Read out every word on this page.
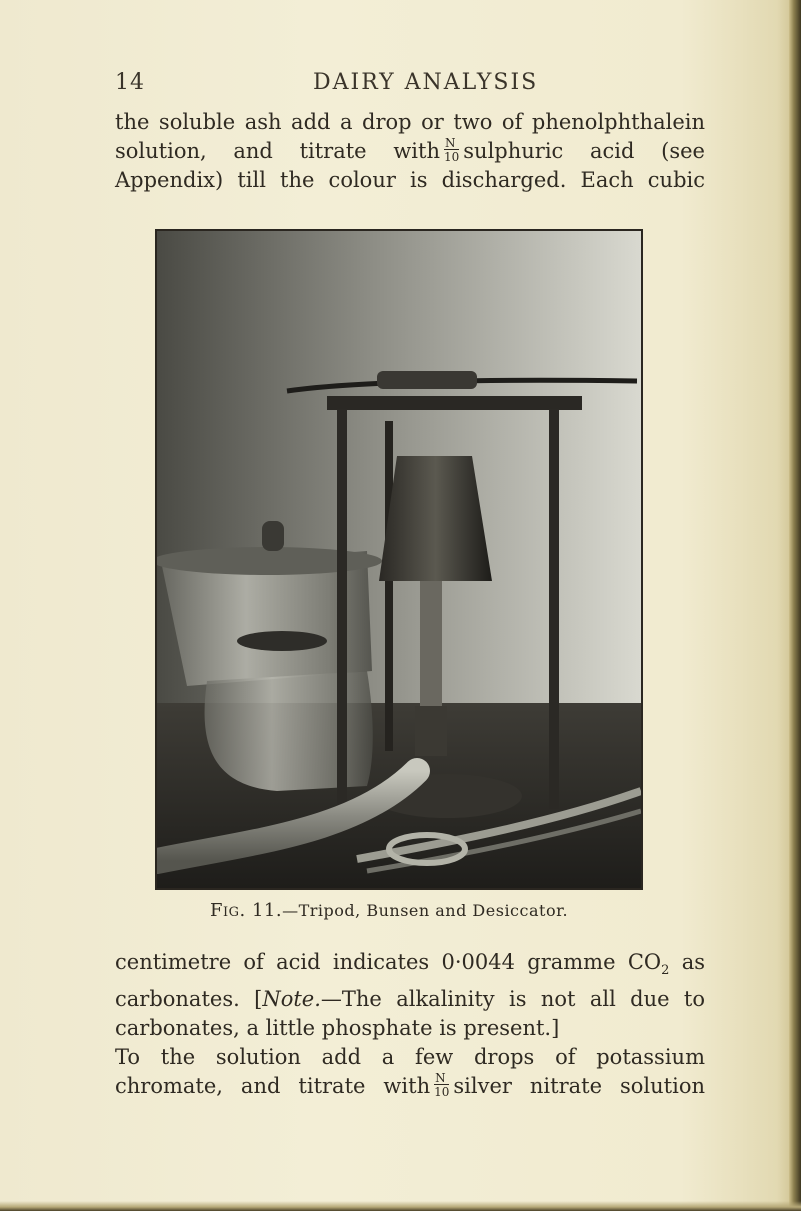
14	DAIRY ANALYSIS
the soluble ash add a drop or two of phenolphthalein
solution, and titrate with $\frac{N}{10}$ sulphuric acid (see
Appendix) till the colour is discharged. Each cubic
Fig. 11.—Tripod, Bunsen and Desiccator.
centimetre of acid indicates 0·0044 gramme $CO_2$ as
carbonates. [Note.—The alkalinity is not all due to
carbonates, a little phosphate is present.]
To the solution add a few drops of potassium
chromate, and titrate with $\frac{N}{10}$ silver nitrate solution
